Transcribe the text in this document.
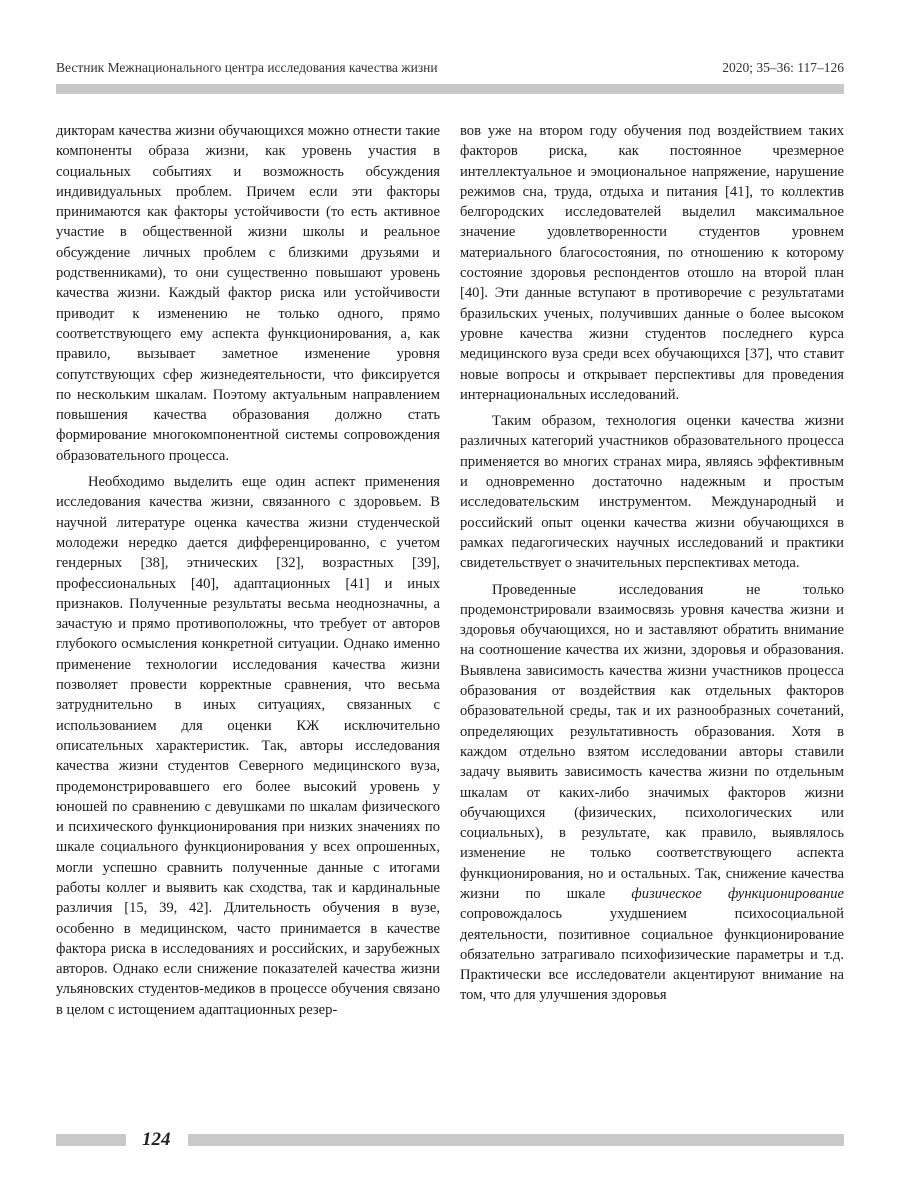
Вестник Межнационального центра исследования качества жизни	2020; 35–36: 117–126

дикторам качества жизни обучающихся можно отнести такие компоненты образа жизни, как уровень участия в социальных событиях и возможность обсуждения индивидуальных проблем. Причем если эти факторы принимаются как факторы устойчивости (то есть активное участие в общественной жизни школы и реальное обсуждение личных проблем с близкими друзьями и родственниками), то они существенно повышают уровень качества жизни. Каждый фактор риска или устойчивости приводит к изменению не только одного, прямо соответствующего ему аспекта функционирования, а, как правило, вызывает заметное изменение уровня сопутствующих сфер жизнедеятельности, что фиксируется по нескольким шкалам. Поэтому актуальным направлением повышения качества образования должно стать формирование многокомпонентной системы сопровождения образовательного процесса.

Необходимо выделить еще один аспект применения исследования качества жизни, связанного с здоровьем. В научной литературе оценка качества жизни студенческой молодежи нередко дается дифференцированно, с учетом гендерных [38], этнических [32], возрастных [39], профессиональных [40], адаптационных [41] и иных признаков. Полученные результаты весьма неоднозначны, а зачастую и прямо противоположны, что требует от авторов глубокого осмысления конкретной ситуации. Однако именно применение технологии исследования качества жизни позволяет провести корректные сравнения, что весьма затруднительно в иных ситуациях, связанных с использованием для оценки КЖ исключительно описательных характеристик. Так, авторы исследования качества жизни студентов Северного медицинского вуза, продемонстрировавшего его более высокий уровень у юношей по сравнению с девушками по шкалам физического и психического функционирования при низких значениях по шкале социального функционирования у всех опрошенных, могли успешно сравнить полученные данные с итогами работы коллег и выявить как сходства, так и кардинальные различия [15, 39, 42]. Длительность обучения в вузе, особенно в медицинском, часто принимается в качестве фактора риска в исследованиях и российских, и зарубежных авторов. Однако если снижение показателей качества жизни ульяновских студентов-медиков в процессе обучения связано в целом с истощением адаптационных резер-

вов уже на втором году обучения под воздействием таких факторов риска, как постоянное чрезмерное интеллектуальное и эмоциональное напряжение, нарушение режимов сна, труда, отдыха и питания [41], то коллектив белгородских исследователей выделил максимальное значение удовлетворенности студентов уровнем материального благосостояния, по отношению к которому состояние здоровья респондентов отошло на второй план [40]. Эти данные вступают в противоречие с результатами бразильских ученых, получивших данные о более высоком уровне качества жизни студентов последнего курса медицинского вуза среди всех обучающихся [37], что ставит новые вопросы и открывает перспективы для проведения интернациональных исследований.

Таким образом, технология оценки качества жизни различных категорий участников образовательного процесса применяется во многих странах мира, являясь эффективным и одновременно достаточно надежным и простым исследовательским инструментом. Международный и российский опыт оценки качества жизни обучающихся в рамках педагогических научных исследований и практики свидетельствует о значительных перспективах метода.

Проведенные исследования не только продемонстрировали взаимосвязь уровня качества жизни и здоровья обучающихся, но и заставляют обратить внимание на соотношение качества их жизни, здоровья и образования. Выявлена зависимость качества жизни участников процесса образования от воздействия как отдельных факторов образовательной среды, так и их разнообразных сочетаний, определяющих результативность образования. Хотя в каждом отдельно взятом исследовании авторы ставили задачу выявить зависимость качества жизни по отдельным шкалам от каких-либо значимых факторов жизни обучающихся (физических, психологических или социальных), в результате, как правило, выявлялось изменение не только соответствующего аспекта функционирования, но и остальных. Так, снижение качества жизни по шкале физическое функционирование сопровождалось ухудшением психосоциальной деятельности, позитивное социальное функционирование обязательно затрагивало психофизические параметры и т.д. Практически все исследователи акцентируют внимание на том, что для улучшения здоровья

124
